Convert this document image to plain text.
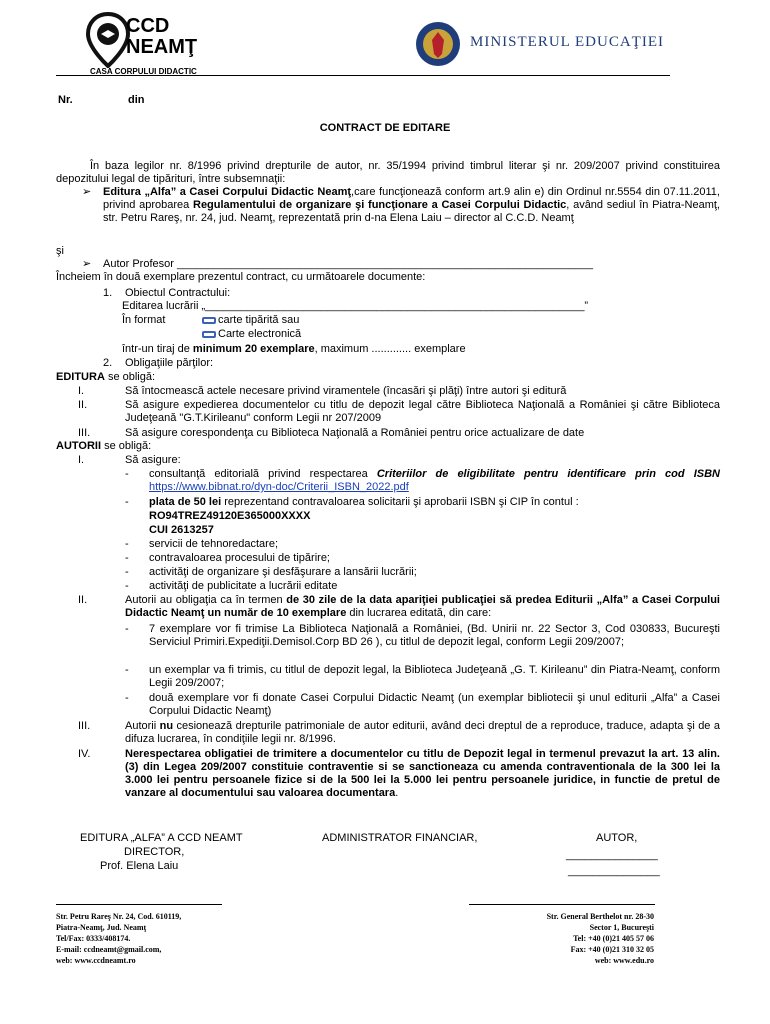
CCD
NEAMŢ
CASA CORPULUI DIDACTIC
MINISTERUL EDUCAŢIEI
Nr.	din
CONTRACT DE EDITARE

În baza legilor nr. 8/1996 privind drepturile de autor, nr. 35/1994 privind timbrul literar şi nr. 209/2007 privind constituirea depozitului legal de tipărituri, între subsemnaţii:

➢ Editura „Alfa” a Casei Corpului Didactic Neamţ,care funcţionează conform art.9 alin e) din Ordinul nr.5554 din 07.11.2011, privind aprobarea Regulamentului de organizare şi funcţionare a Casei Corpului Didactic, având sediul în Piatra-Neamţ, str. Petru Rareş, nr. 24, jud. Neamţ, reprezentată prin d-na Elena Laiu – director al C.C.D. Neamţ

şi
➢ Autor Profesor ____________________________________________________________________
Încheiem în două exemplare prezentul contract, cu următoarele documente:
1. Obiectul Contractului:
Editarea lucrării „______________________________________________________________”
În format	carte tipărită sau
Carte electronică
într-un tiraj de minimum 20 exemplare, maximum ............. exemplare
2. Obligaţiile părţilor:
EDITURA se obligă:
I.	Să întocmească actele necesare privind viramentele (încasări şi plăţi) între autori şi editură

II.	Să asigure expedierea documentelor cu titlu de depozit legal către Biblioteca Naţională a României şi către Biblioteca Judeţeană "G.T.Kirileanu" conform Legii nr 207/2009

III.	Să asigure corespondenţa cu Biblioteca Naţională a României pentru orice actualizare de date

AUTORII se obligă:
I.	Să asigure:
- consultanţă editorială privind respectarea Criteriilor de eligibilitate pentru identificare prin cod ISBN https://www.bibnat.ro/dyn-doc/Criterii_ISBN_2022.pdf

- plata de 50 lei reprezentand contravaloarea solicitarii şi aprobarii ISBN şi CIP în contul :

RO94TREZ49120E365000XXXX
CUI 2613257
- servicii de tehnoredactare;
- contravaloarea procesului de tipărire;
- activităţi de organizare şi desfăşurare a lansării lucrării;
- activităţi de publicitate a lucrării editate
II.	Autorii au obligaţia ca în termen de 30 zile de la data apariţiei publicaţiei să predea Editurii „Alfa” a Casei Corpului Didactic Neamţ un număr de 10 exemplare din lucrarea editată, din care:

- 7 exemplare vor fi trimise La Biblioteca Naţională a României, (Bd. Unirii nr. 22 Sector 3, Cod 030833, Bucureşti Serviciul Primiri.Expediţii.Demisol.Corp BD 26 ), cu titlul de depozit legal, conform Legii 209/2007;

- un exemplar va fi trimis, cu titlul de depozit legal, la Biblioteca Judeţeană „G. T. Kirileanu” din Piatra-Neamţ, conform Legii 209/2007;

- două exemplare vor fi donate Casei Corpului Didactic Neamţ (un exemplar bibliotecii şi unul editurii „Alfa” a Casei Corpului Didactic Neamţ)

III.	Autorii nu cesionează drepturile patrimoniale de autor editurii, având deci dreptul de a reproduce, traduce, adapta şi de a difuza lucrarea, în condiţiile legii nr. 8/1996.

IV.	Nerespectarea obligatiei de trimitere a documentelor cu titlu de Depozit legal in termenul prevazut la art. 13 alin. (3) din Legea 209/2007 constituie contraventie si se sanctioneaza cu amenda contraventionala de la 300 lei la 3.000 lei pentru persoanele fizice si de la 500 lei la 5.000 lei pentru persoanele juridice, in functie de pretul de vanzare al documentului sau valoarea documentara.

EDITURA „ALFA” A CCD NEAMT
DIRECTOR,
Prof. Elena Laiu
ADMINISTRATOR FINANCIAR,	AUTOR,
_______________
_______________
Str. Petru Rareş Nr. 24, Cod. 610119,
Piatra-Neamţ, Jud. Neamţ
Tel/Fax: 0333/408174.
E-mail: ccdneamt@gmail.com,
web: www.ccdneamt.ro
Str. General Berthelot nr. 28-30
Sector 1, Bucureşti
Tel: +40 (0)21 405 57 06
Fax: +40 (0)21 310 32 05
web: www.edu.ro
